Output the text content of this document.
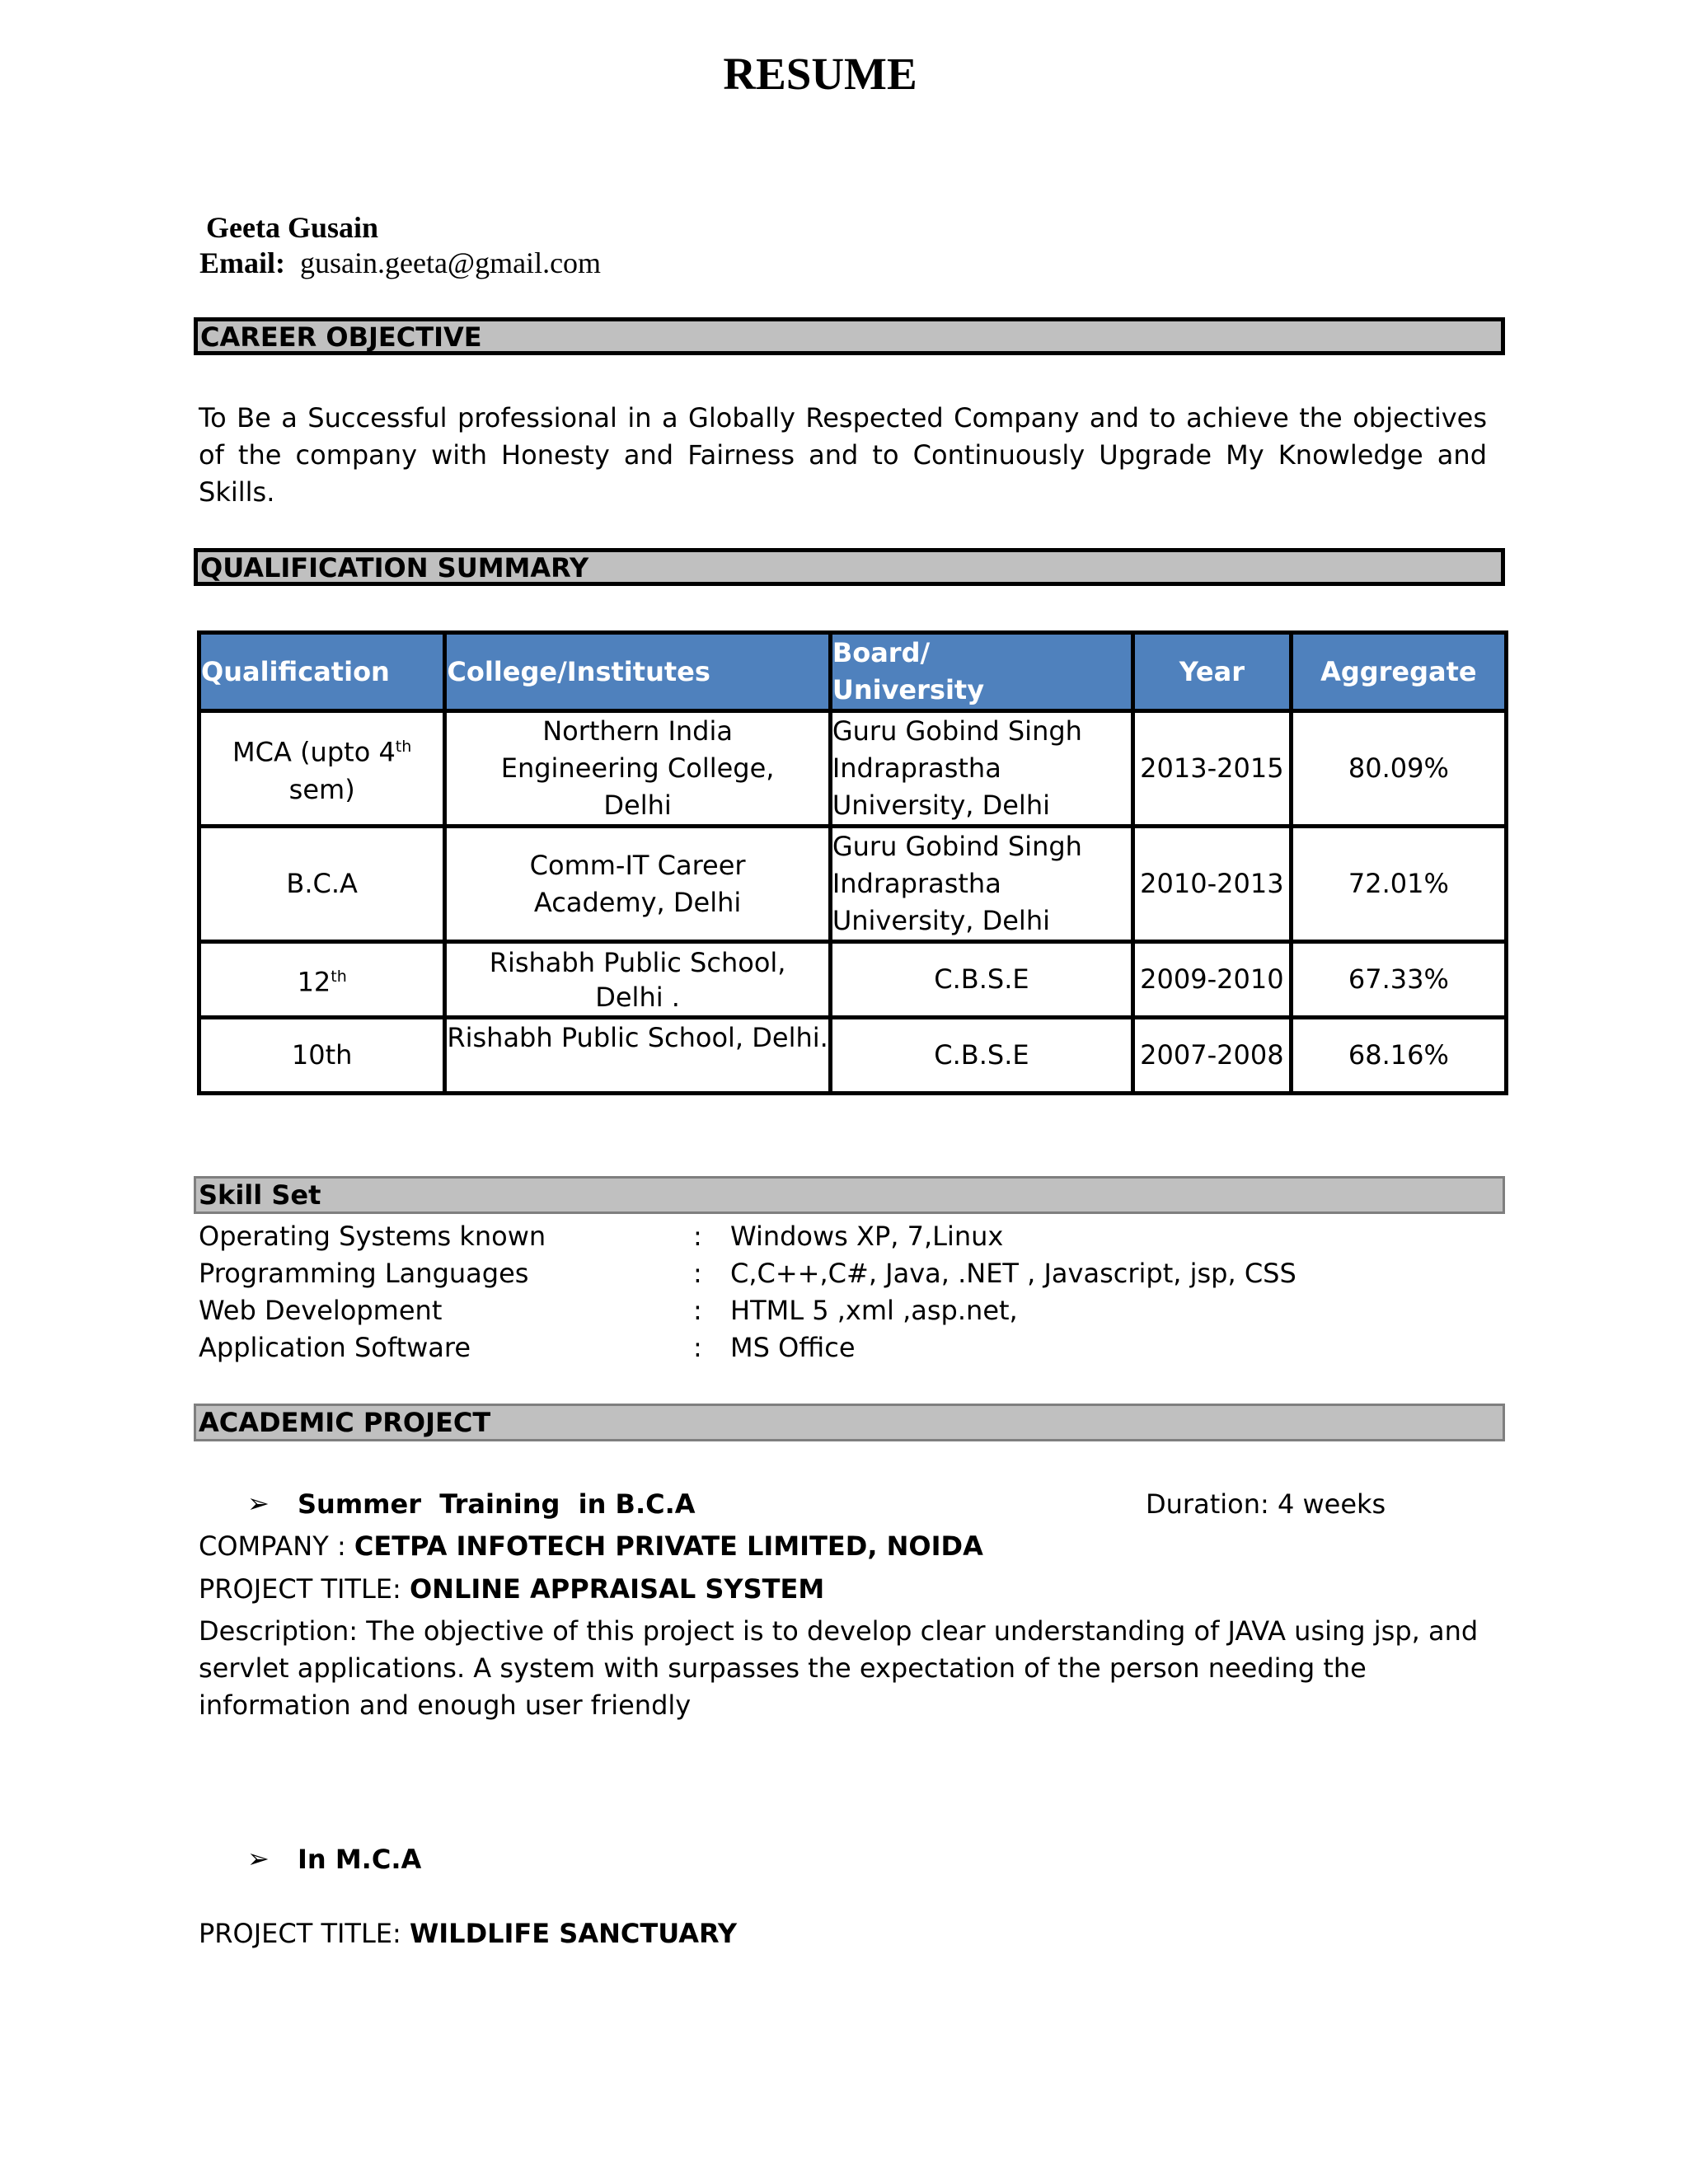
RESUME
Geeta Gusain
Email: gusain.geeta@gmail.com
CAREER OBJECTIVE
To Be a Successful professional in a Globally Respected Company and to achieve the objectives of the company with Honesty and Fairness and to Continuously Upgrade My Knowledge and Skills.
QUALIFICATION SUMMARY
Qualification	College/Institutes	Board/ University	Year	Aggregate
MCA (upto 4th sem)	Northern India Engineering College, Delhi	Guru Gobind Singh Indraprastha University, Delhi	2013-2015	80.09%
B.C.A	Comm-IT Career Academy, Delhi	Guru Gobind Singh Indraprastha University, Delhi	2010-2013	72.01%
12th	Rishabh Public School, Delhi .	C.B.S.E	2009-2010	67.33%
10th	Rishabh Public School, Delhi.	C.B.S.E	2007-2008	68.16%
Skill Set
Operating Systems known	: Windows XP, 7,Linux
Programming Languages	: C,C++,C#, Java, .NET , Javascript, jsp, CSS
Web Development	: HTML 5 ,xml ,asp.net,
Application Software	: MS Office
ACADEMIC PROJECT
➢ Summer  Training  in B.C.A	Duration: 4 weeks
COMPANY : CETPA INFOTECH PRIVATE LIMITED, NOIDA
PROJECT TITLE: ONLINE APPRAISAL SYSTEM
Description: The objective of this project is to develop clear understanding of JAVA using jsp, and servlet applications. A system with surpasses the expectation of the person needing the information and enough user friendly
➢ In M.C.A
PROJECT TITLE: WILDLIFE SANCTUARY
